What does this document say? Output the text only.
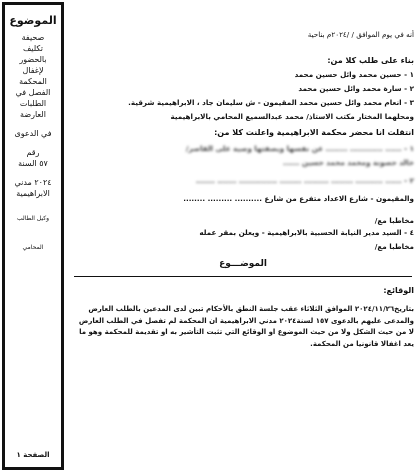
الموضوع
صحيفة
تكليف
بالحضور
لإغفال
المحكمة
الفصل في
الطلبات
العارضة
في الدعوى
رقم
٥٧ السنة
٢٠٢٤ مدني
الابراهيمية
وكيل الطالب
المحامي
الصفحة ١
أنه في يوم الموافق / /٢٠٢٤م بناحية
بناء على طلب كلا من:
١ - حسين محمد وائل حسين محمد
٢ - سارة محمد وائل حسين محمد
٣ - انعام محمد وائل حسين محمد المقيمون - ش سليمان جاد ، الابراهيمية شرقية.
ومحلهما المختار مكتب الاستاذ/ محمد عبدالسميع المحامي بالابراهيمية
انتقلت انا محضر محكمة الابراهيمية واعلنت كلا من:
١ - ...... ............ ........ عن نفسها وبصفتها وصية على القاصر/
خالد حصونة ومحمد محمد حسين ......
٢ - ...... .......... ........ ......... ........ .............. ....... .......
والمقيمون - شارع الاعداد متفرع من شارع .......... ......... ........
مخاطبا مع/
٤ - السيد مدير النيابة الحسبية بالابراهيمية - ويعلن بمقر عمله
مخاطبا مع/
الموضـــوع
الوقائع:
بتاريخ٢٠٢٤/١١/٢٦ الموافق الثلاثاء عقب جلسة النطق بالأحكام تبين لدى المدعين بالطلب العارض والمدعى عليهم بالدعوى ١٥٧ لسنة٢٠٢٤ مدني الابراهيمية ان المحكمة لم تفصل في الطلب العارض لا من حيث الشكل ولا من حيث الموضوع او الوقائع التي تثبت التأشير به او تقديمة للمحكمة وهو ما يعد اغفالا قانونيا من المحكمة.
